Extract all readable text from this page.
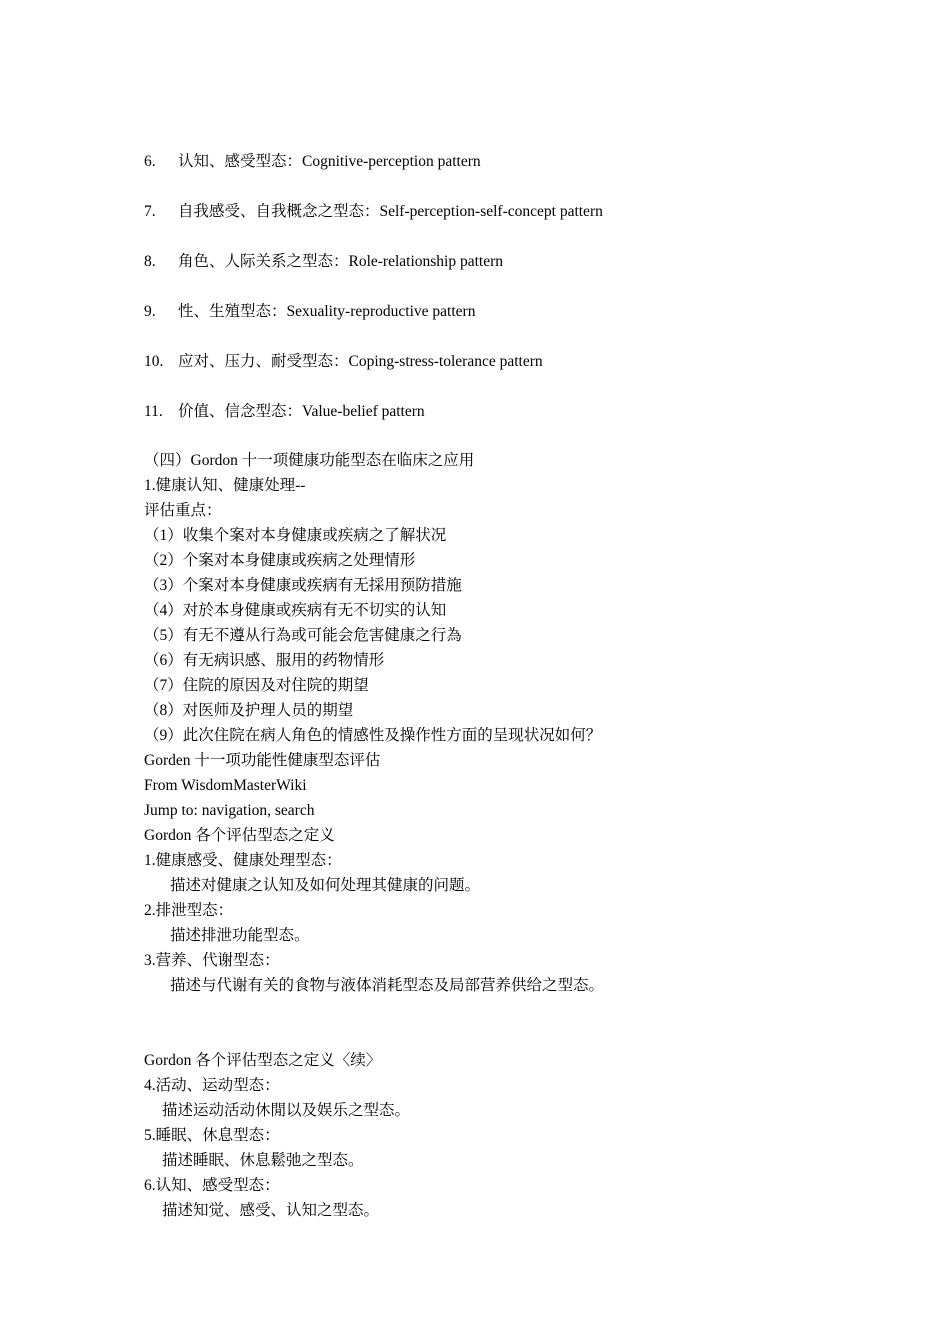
6.	认知、感受型态：Cognitive-perception pattern
7.	自我感受、自我概念之型态：Self-perception-self-concept pattern
8.	角色、人际关系之型态：Role-relationship pattern
9.	性、生殖型态：Sexuality-reproductive pattern
10. 应对、压力、耐受型态：Coping-stress-tolerance pattern
11. 价值、信念型态：Value-belief pattern
（四）Gordon 十一项健康功能型态在临床之应用
1.健康认知、健康处理--
评估重点：
（1）收集个案对本身健康或疾病之了解状况
（2）个案对本身健康或疾病之处理情形
（3）个案对本身健康或疾病有无採用预防措施
（4）对於本身健康或疾病有无不切实的认知
（5）有无不遵从行為或可能会危害健康之行為
（6）有无病识感、服用的药物情形
（7）住院的原因及对住院的期望
（8）对医师及护理人员的期望
（9）此次住院在病人角色的情感性及操作性方面的呈现状况如何？
Gorden 十一项功能性健康型态评估
From WisdomMasterWiki
Jump to: navigation, search
Gordon 各个评估型态之定义
1.健康感受、健康处理型态：
描述对健康之认知及如何处理其健康的问题。
2.排泄型态：
描述排泄功能型态。
3.营养、代谢型态：
描述与代谢有关的食物与液体消耗型态及局部营养供给之型态。
Gordon 各个评估型态之定义〈续〉
4.活动、运动型态：
描述运动活动休閒以及娱乐之型态。
5.睡眠、休息型态：
描述睡眠、休息鬆弛之型态。
6.认知、感受型态：
描述知觉、感受、认知之型态。
